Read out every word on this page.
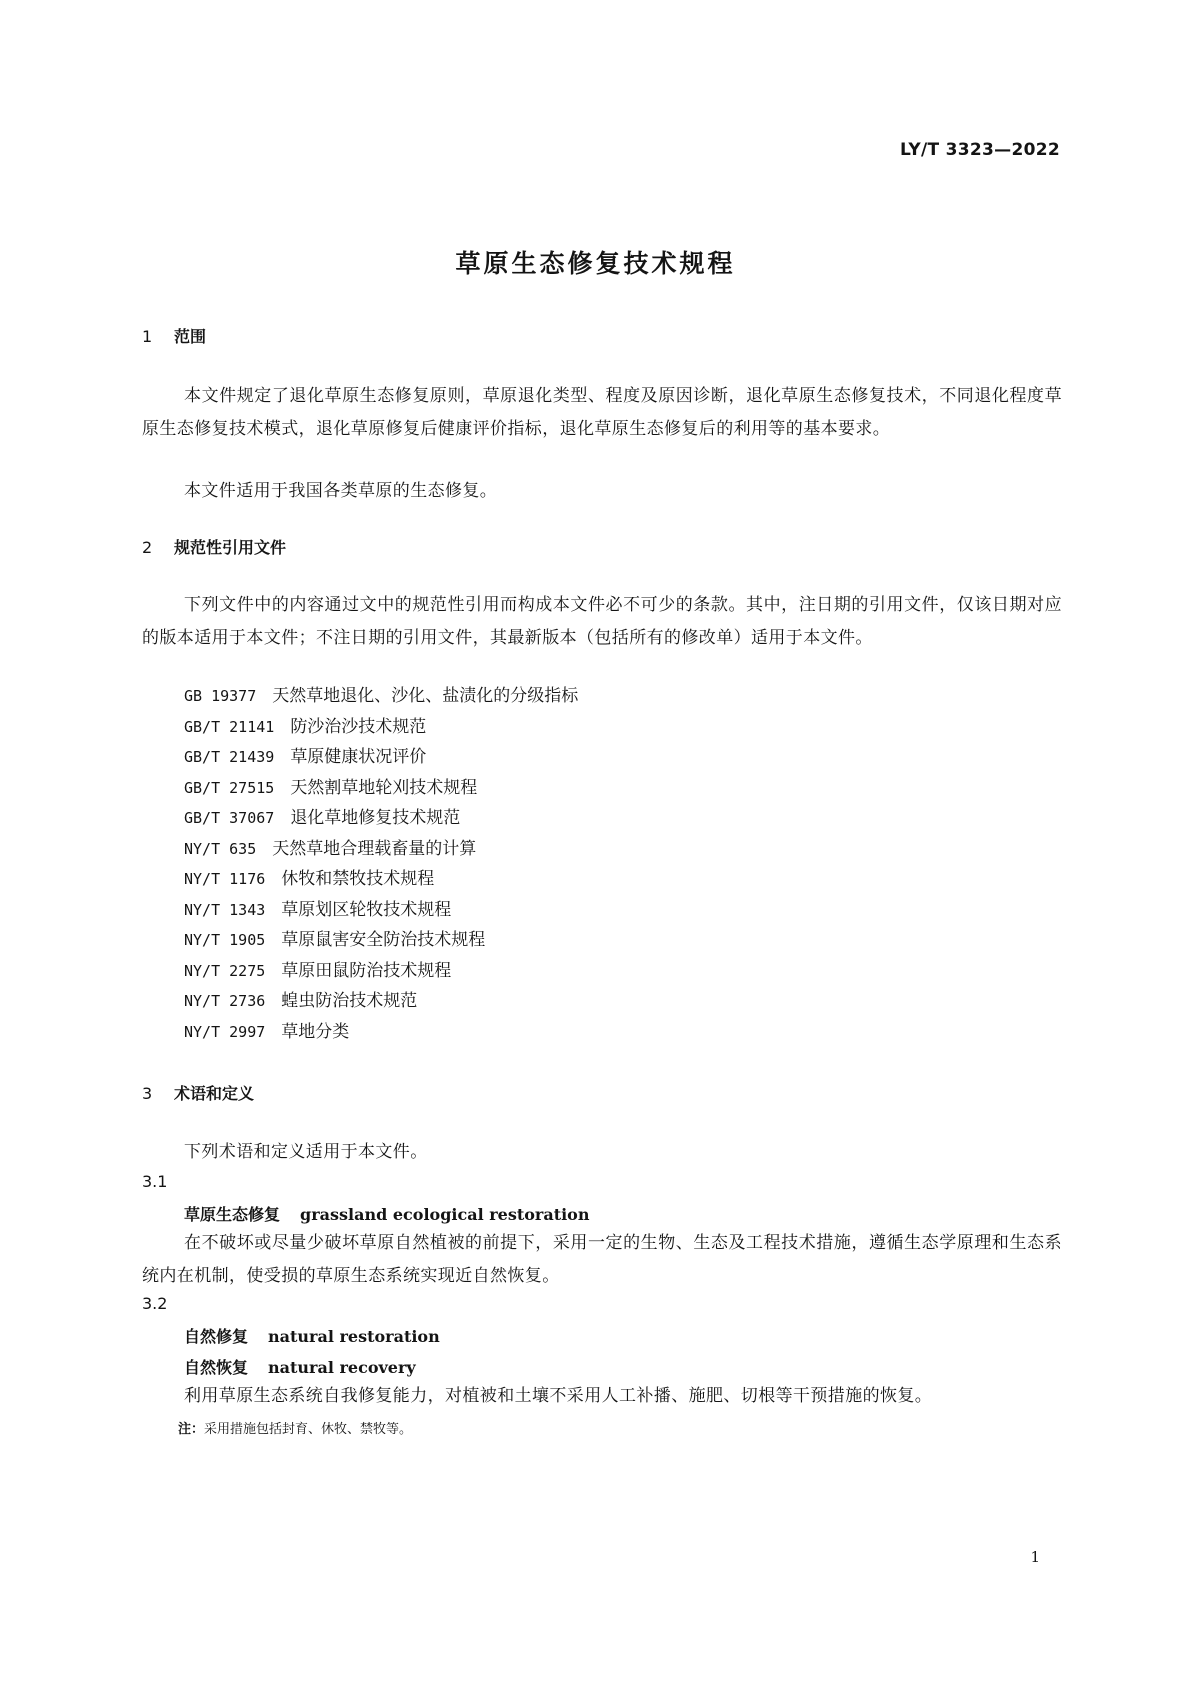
LY/T 3323—2022
草原生态修复技术规程
1 范围
本文件规定了退化草原生态修复原则，草原退化类型、程度及原因诊断，退化草原生态修复技术，不同退化程度草原生态修复技术模式，退化草原修复后健康评价指标，退化草原生态修复后的利用等的基本要求。
本文件适用于我国各类草原的生态修复。
2 规范性引用文件
下列文件中的内容通过文中的规范性引用而构成本文件必不可少的条款。其中，注日期的引用文件，仅该日期对应的版本适用于本文件；不注日期的引用文件，其最新版本（包括所有的修改单）适用于本文件。
GB 19377 天然草地退化、沙化、盐渍化的分级指标
GB/T 21141 防沙治沙技术规范
GB/T 21439 草原健康状况评价
GB/T 27515 天然割草地轮刈技术规程
GB/T 37067 退化草地修复技术规范
NY/T 635 天然草地合理载畜量的计算
NY/T 1176 休牧和禁牧技术规程
NY/T 1343 草原划区轮牧技术规程
NY/T 1905 草原鼠害安全防治技术规程
NY/T 2275 草原田鼠防治技术规程
NY/T 2736 蝗虫防治技术规范
NY/T 2997 草地分类
3 术语和定义
下列术语和定义适用于本文件。
3.1
草原生态修复 grassland ecological restoration
在不破坏或尽量少破坏草原自然植被的前提下，采用一定的生物、生态及工程技术措施，遵循生态学原理和生态系统内在机制，使受损的草原生态系统实现近自然恢复。
3.2
自然修复 natural restoration
自然恢复 natural recovery
利用草原生态系统自我修复能力，对植被和土壤不采用人工补播、施肥、切根等干预措施的恢复。
注：采用措施包括封育、休牧、禁牧等。
1
